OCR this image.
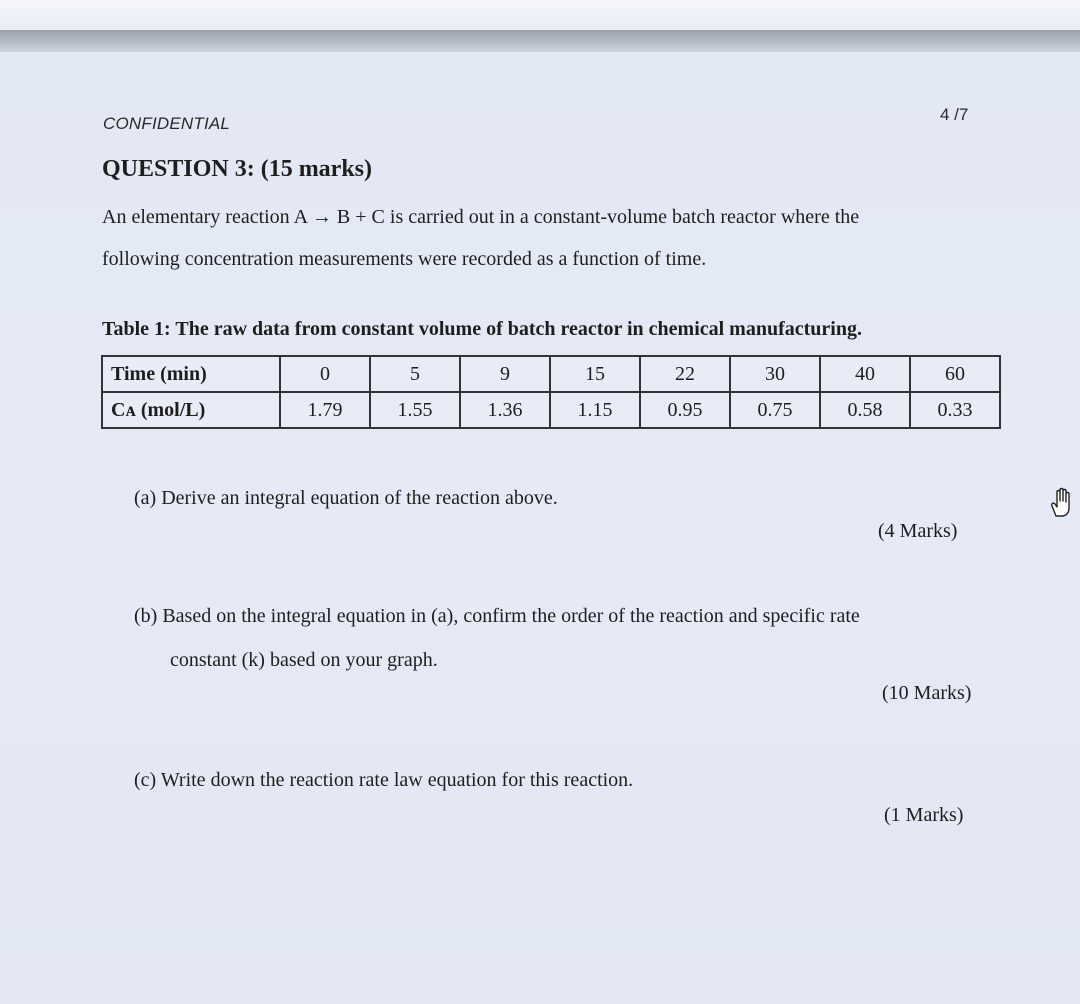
CONFIDENTIAL	4 /7
QUESTION 3: (15 marks)
An elementary reaction A → B + C is carried out in a constant-volume batch reactor where the
following concentration measurements were recorded as a function of time.
Table 1: The raw data from constant volume of batch reactor in chemical manufacturing.
Time (min)	0	5	9	15	22	30	40	60
Cᴀ (mol/L)	1.79	1.55	1.36	1.15	0.95	0.75	0.58	0.33
(a) Derive an integral equation of the reaction above.
(4 Marks)
(b) Based on the integral equation in (a), confirm the order of the reaction and specific rate
constant (k) based on your graph.
(10 Marks)
(c) Write down the reaction rate law equation for this reaction.
(1 Marks)
